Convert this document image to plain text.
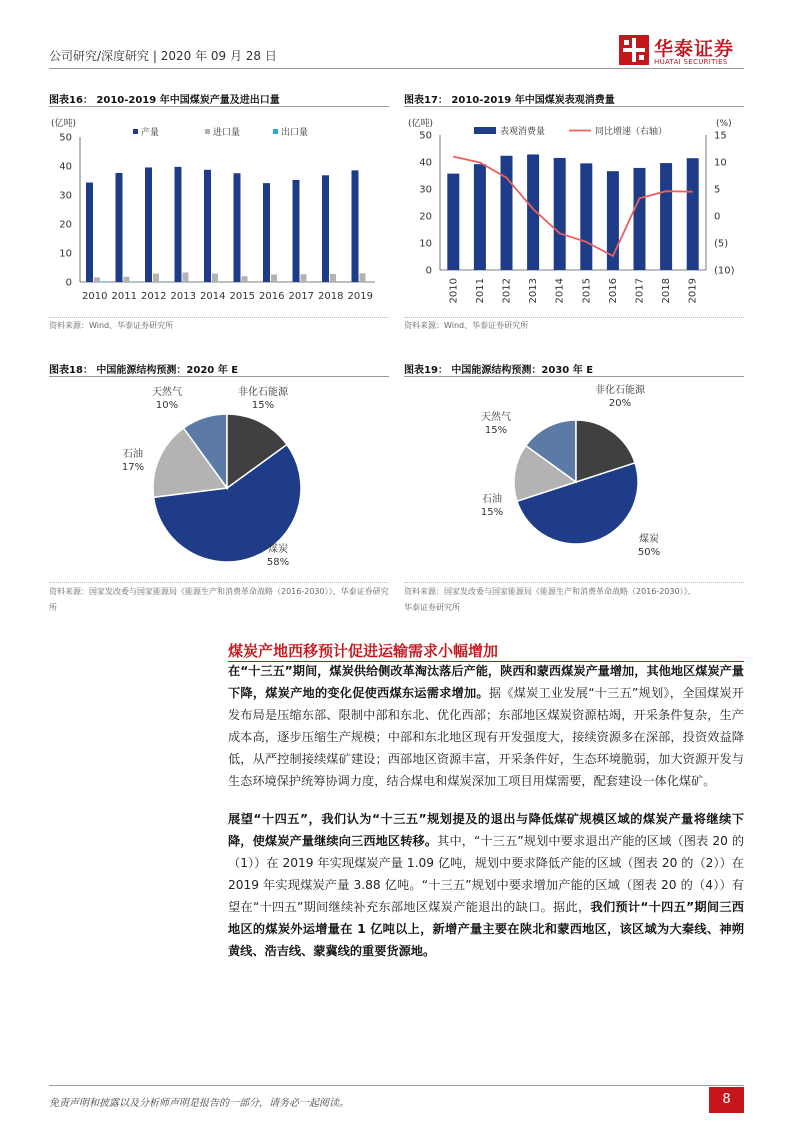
公司研究/深度研究 | 2020 年 09 月 28 日	华泰证券
HUATAI SECURITIES
图表16： 2010-2019 年中国煤炭产量及进出口量
(亿吨)
0
10
20
30
40
50
2010 2011 2012 2013 2014 2015 2016 2017 2018 2019
产量	进口量	出口量
资料来源：Wind、华泰证券研究所
图表17： 2010-2019 年中国煤炭表观消费量
(亿吨)	(%)
0
10
20
30
40
50
(10)
(5)
0
5
10
15
2010 2011 2012 2013 2014 2015 2016 2017 2018 2019
表观消费量	同比增速（右轴）
资料来源：Wind、华泰证券研究所
图表18： 中国能源结构预测：2020 年 E
煤炭
58%
石油
17%
天然气
10%
非化石能源
15%
资料来源：国家发改委与国家能源局《能源生产和消费革命战略（2016-2030）》、华泰证券研究所
图表19： 中国能源结构预测：2030 年 E
煤炭
50%
石油
15%
天然气
15%
非化石能源
20%
资料来源：国家发改委与国家能源局《能源生产和消费革命战略（2016-2030）》、
华泰证券研究所
煤炭产地西移预计促进运输需求小幅增加
在“十三五”期间，煤炭供给侧改革淘汰落后产能，陕西和蒙西煤炭产量增加，其他地区煤炭产量下降，煤炭产地的变化促使西煤东运需求增加。据《煤炭工业发展“十三五”规划》，全国煤炭开发布局是压缩东部、限制中部和东北、优化西部；东部地区煤炭资源枯竭，开采条件复杂，生产成本高，逐步压缩生产规模；中部和东北地区现有开发强度大，接续资源多在深部，投资效益降低，从严控制接续煤矿建设；西部地区资源丰富，开采条件好，生态环境脆弱，加大资源开发与生态环境保护统筹协调力度，结合煤电和煤炭深加工项目用煤需要，配套建设一体化煤矿。
展望“十四五”，我们认为“十三五”规划提及的退出与降低煤矿规模区域的煤炭产量将继续下降，使煤炭产量继续向三西地区转移。其中，“十三五”规划中要求退出产能的区域（图表 20 的（1））在 2019 年实现煤炭产量 1.09 亿吨，规划中要求降低产能的区域（图表 20 的（2））在 2019 年实现煤炭产量 3.88 亿吨。“十三五”规划中要求增加产能的区域（图表 20 的（4））有望在“十四五”期间继续补充东部地区煤炭产能退出的缺口。据此，我们预计“十四五”期间三西地区的煤炭外运增量在 1 亿吨以上，新增产量主要在陕北和蒙西地区，该区域为大秦线、神朔黄线、浩吉线、蒙冀线的重要货源地。
免责声明和披露以及分析师声明是报告的一部分，请务必一起阅读。	8
